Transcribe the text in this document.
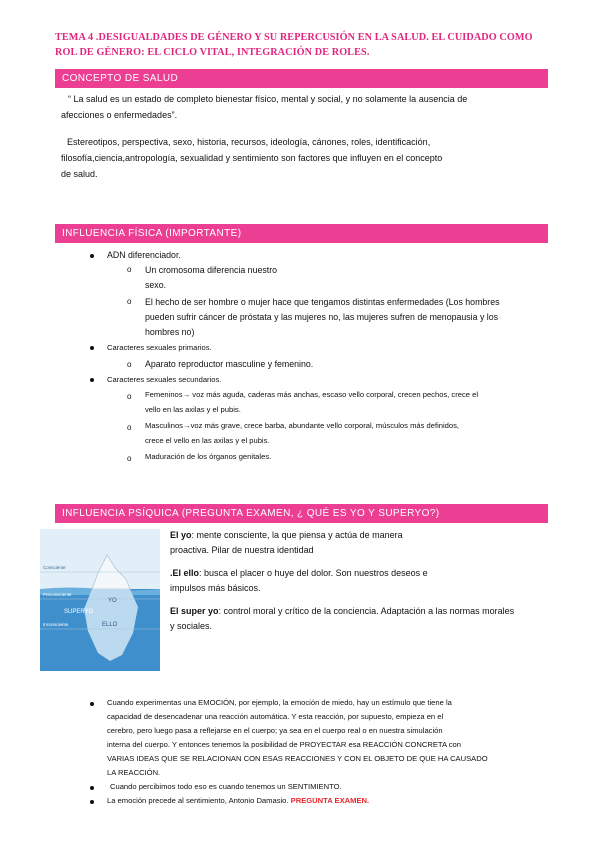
TEMA 4 .DESIGUALDADES DE GÉNERO Y SU REPERCUSIÓN EN LA SALUD. EL CUIDADO COMO
ROL DE GÉNERO: EL CICLO VITAL, INTEGRACIÓN DE ROLES.
CONCEPTO DE SALUD
“ La salud es un estado de completo bienestar físico, mental y social, y no solamente la ausencia de
afecciones o enfermedades”.
Estereotipos, perspectiva, sexo, historia, recursos, ideología, cánones, roles, identificación,
filosofía,ciencia,antropología, sexualidad y sentimiento son factores que influyen en el concepto
de salud.
INFLUENCIA FÍSICA (IMPORTANTE)
ADN diferenciador.
o Un cromosoma diferencia nuestro
sexo.
o El hecho de ser hombre o mujer hace que tengamos distintas enfermedades (Los hombres
pueden sufrir cáncer de próstata y las mujeres no, las mujeres sufren de menopausia y los
hombres no)
Caracteres sexuales primarios.
o Aparato reproductor masculine y femenino.
Caracteres sexuales secundarios.
o Femeninos→ voz más aguda, caderas más anchas, escaso vello corporal, crecen pechos, crece el
vello en las axilas y el pubis.
o Masculinos→voz más grave, crece barba, abundante vello corporal, músculos más definidos,
crece el vello en las axilas y el pubis.
o Maduración de los órganos genitales.
INFLUENCIA PSÍQUICA (PREGUNTA EXAMEN, ¿ QUÉ ES YO Y SUPERYO?)
Consciente
Preconsciente
Inconsciente
YO
SUPERYO
ELLO
El yo: mente consciente, la que piensa y actúa de manera
proactiva. Pilar de nuestra identidad
.El ello: busca el placer o huye del dolor. Son nuestros deseos e
impulsos más básicos.
El super yo: control moral y crítico de la conciencia. Adaptación a las normas morales
y sociales.
Cuando experimentas una EMOCIÓN, por ejemplo, la emoción de miedo, hay un estímulo que tiene la
capacidad de desencadenar una reacción automática. Y esta reacción, por supuesto, empieza en el
cerebro, pero luego pasa a reflejarse en el cuerpo; ya sea en el cuerpo real o en nuestra simulación
interna del cuerpo. Y entonces tenemos la posibilidad de PROYECTAR esa REACCIÓN CONCRETA con
VARIAS IDEAS QUE SE RELACIONAN CON ESAS REACCIONES Y CON EL OBJETO DE QUE HA CAUSADO
LA REACCIÓN.
Cuando percibimos todo eso es cuando tenemos un SENTIMIENTO.
La emoción precede al sentimiento, Antonio Damasio. PREGUNTA EXAMEN.
